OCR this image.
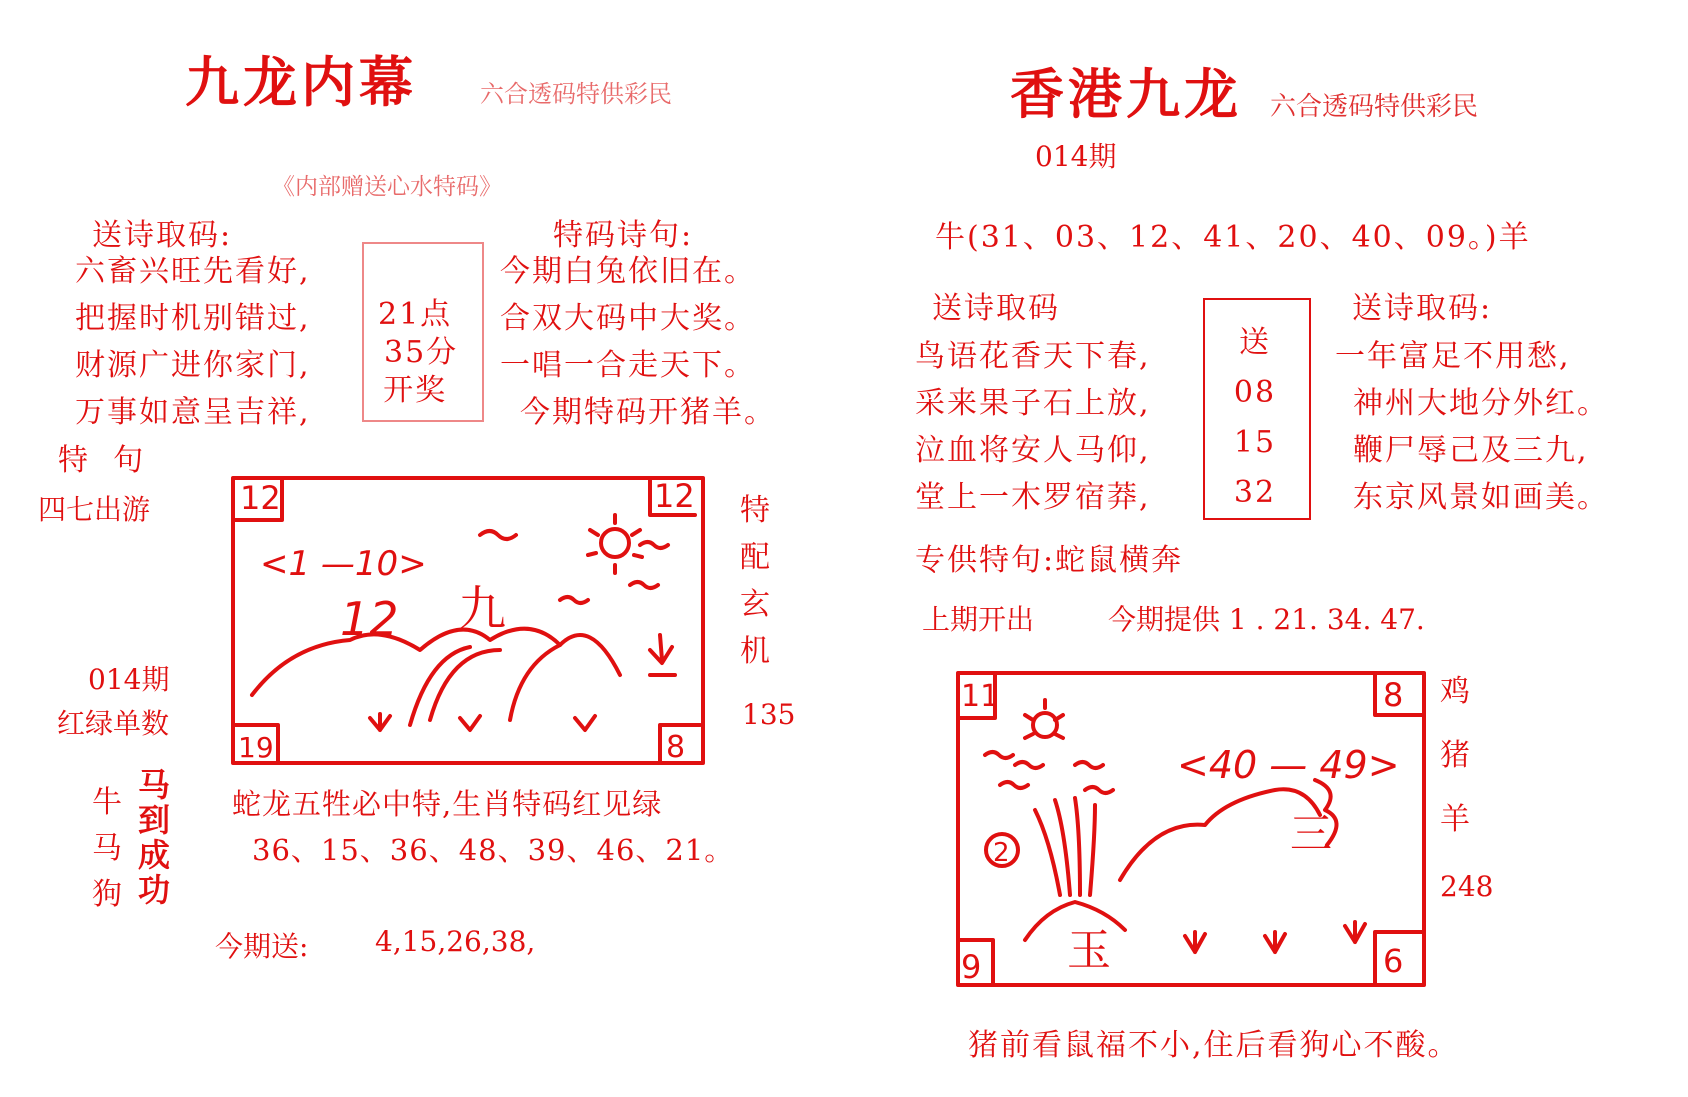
九龙内幕	六合透码特供彩民
《内部赠送心水特码》
送诗取码:
六畜兴旺先看好,
把握时机别错过,
财源广进你家门,
万事如意呈吉祥,
21点
35分
开奖
特码诗句:
今期白兔依旧在。
合双大码中大奖。
一唱一合走天下。
今期特码开猪羊。
特  句
四七出游
014期
红绿单数
12	12
19	8
<1 —10>
12 九
特
配
玄
机
135
牛
马
狗
马
到
成
功
蛇龙五牲必中特,生肖特码红见绿
36、15、36、48、39、46、21。
今期送: 4,15,26,38,
香港九龙 六合透码特供彩民
014期
牛(31、03、12、41、20、40、09。)羊
送诗取码
鸟语花香天下春,
采来果子石上放,
泣血将安人马仰,
堂上一木罗宿莽,
送
08
15
32
送诗取码:
一年富足不用愁,
神州大地分外红。
鞭尸辱己及三九,
东京风景如画美。
专供特句:蛇鼠横奔
上期开出	今期提供 1 . 21. 34. 47.
11	8
9	6
<40 — 49>
2
玉
三
鸡
猪
羊
248
猪前看鼠福不小,住后看狗心不酸。
